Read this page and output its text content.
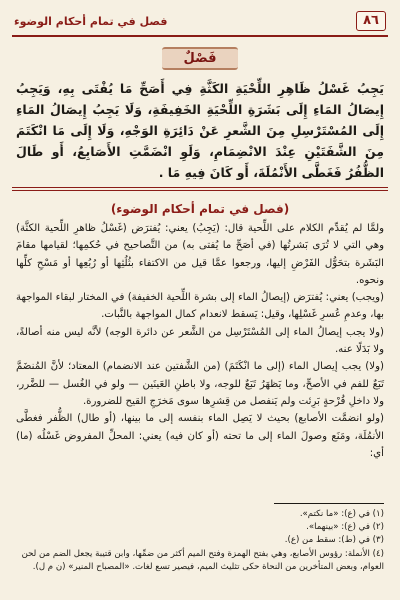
٨٦
فصل في تمام أحكام الوضوء
فَصْلٌ
يَجِبُ غَسْلُ ظَاهِرِ اللِّحْيَةِ الكَثَّةِ فِي أَصَحِّ مَا يُفْتَى بِهِ، وَيَجِبُ إِيصَالُ المَاءِ إِلَى بَشَرَةِ اللِّحْيَةِ الخَفِيفَةِ، وَلَا يَجِبُ إِيصَالُ المَاءِ إِلَى المُسْتَرْسِلِ مِنَ الشَّعرِ عَنْ دَائِرَةِ الوَجْهِ، وَلَا إِلَى مَا انْكَتَمَ مِنَ الشَّفَتَيْنِ عِنْدَ الانْضِمَامِ، وَلَوِ انْضَمَّتِ الأَصَابِعُ، أَو طَالَ الظُّفُرُ فَغَطَّى الأَنْمُلَةَ، أَو كَانَ فِيهِ مَا .
(فصل في تمام أحكام الوضوء)

ولمَّا لم يُقدِّم الكلام على اللِّحية قال: (يَجِبُ) يعني: يُفترَض (غَسْلُ ظاهرِ اللِّحية الكثَّة) وهي التي لا تُرَى بَشرتُها (في أصَحِّ ما يُفتى به) من التَّصاحيح في حُكمِها؛ لقيامها مقامَ البَشَرة بتحَوُّل الفَرْضِ إليها، ورجعوا عمَّا قيل من الاكتفاء بثُلُثِها أو رُبُعِها أو مَسْحِ كلِّها ونحوه.

(ويجب) يعني: يُفترَض (إيصالُ الماء إلى بشرة اللِّحية الخفيفة) في المختار لبقاء المواجهة بها، وعدمِ عُسرِ غَسْلِها، وقيل: يَسقط لانعدام كمال المواجهة بالنَّبات.

(ولا يجب إيصالُ الماء إلى المُسْتَرْسِل من الشَّعر عن دائرة الوجه) لأنَّه ليس منه أصالةً، ولا بَدَلًا عنه.

(ولا) يجب إيصال الماء (إلى ما انْكَتَمَ) (من الشَّفتين عند الانضمام) المعتاد؛ لأنَّ المُنضَمَّ تَبَعٌ للفم في الأصحِّ، وما يَظهَرُ تَبَعٌ للوجه، ولا باطنِ العَينَين — ولو في الغُسل — للضَّرر، ولا داخلِ قُرْحةٍ بَرِئت ولم يَنفصل من قِشرِها سوى مَخرَجِ القيح للضرورة.

(ولو انضمَّت الأصابع) بحيث لا يَصِل الماء بنفسه إلى ما بينها، (أو طال) الظُّفر فغطَّى الأنمُلَة، ومَنَع وصولَ الماء إلى ما تحته (أو كان فيه) يعني: المحلِّ المفروض غَسْلُه (ما) أي:

(١) في (ع): «ما نكتم».

(٢) في (ع): «بينهما».

(٣) في (ط): سقط من (ع).

(٤) الأنملة: رؤوس الأصابع، وهي بفتح الهمزة وفتح الميم أكثر من ضمِّها، وابن قتيبة يجعل الضم من لحن العوام، وبعض المتأخرين من النحاة حكى تثليث الميم، فيصير تسع لغات. «المصباح المنير» (ن م ل).
